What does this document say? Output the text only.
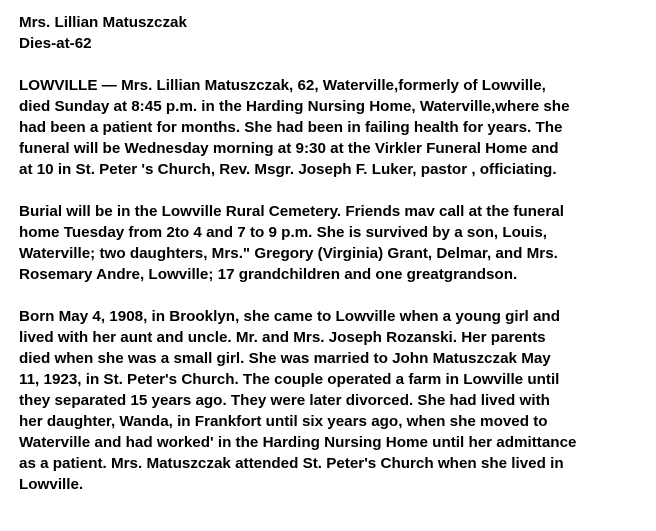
Mrs. Lillian Matuszczak
Dies-at-62

LOWVILLE — Mrs. Lillian Matuszczak, 62, Waterville,formerly of Lowville,
died Sunday at 8:45 p.m. in the Harding Nursing Home, Waterville,where she
had been a patient for months. She had been in failing health for years. The
funeral will be Wednesday morning at 9:30 at the Virkler Funeral Home and
at 10 in St. Peter 's Church, Rev. Msgr. Joseph F. Luker, pastor , officiating.

Burial will be in the Lowville Rural Cemetery. Friends mav call at the funeral
home Tuesday from 2to 4 and 7 to 9 p.m. She is survived by a son, Louis,
Waterville; two daughters, Mrs." Gregory (Virginia) Grant, Delmar, and Mrs.
Rosemary Andre, Lowville; 17 grandchildren and one greatgrandson.

Born May 4, 1908, in Brooklyn, she came to Lowville when a young girl and
lived with her aunt and uncle. Mr. and Mrs. Joseph Rozanski. Her parents
died when she was a small girl. She was married to John Matuszczak May
11, 1923, in St. Peter's Church. The couple operated a farm in Lowville until
they separated 15 years ago. They were later divorced. She had lived with
her daughter, Wanda, in Frankfort until six years ago, when she moved to
Waterville and had worked' in the Harding Nursing Home until her admittance
as a patient. Mrs. Matuszczak attended St. Peter's Church when she lived in
Lowville.
